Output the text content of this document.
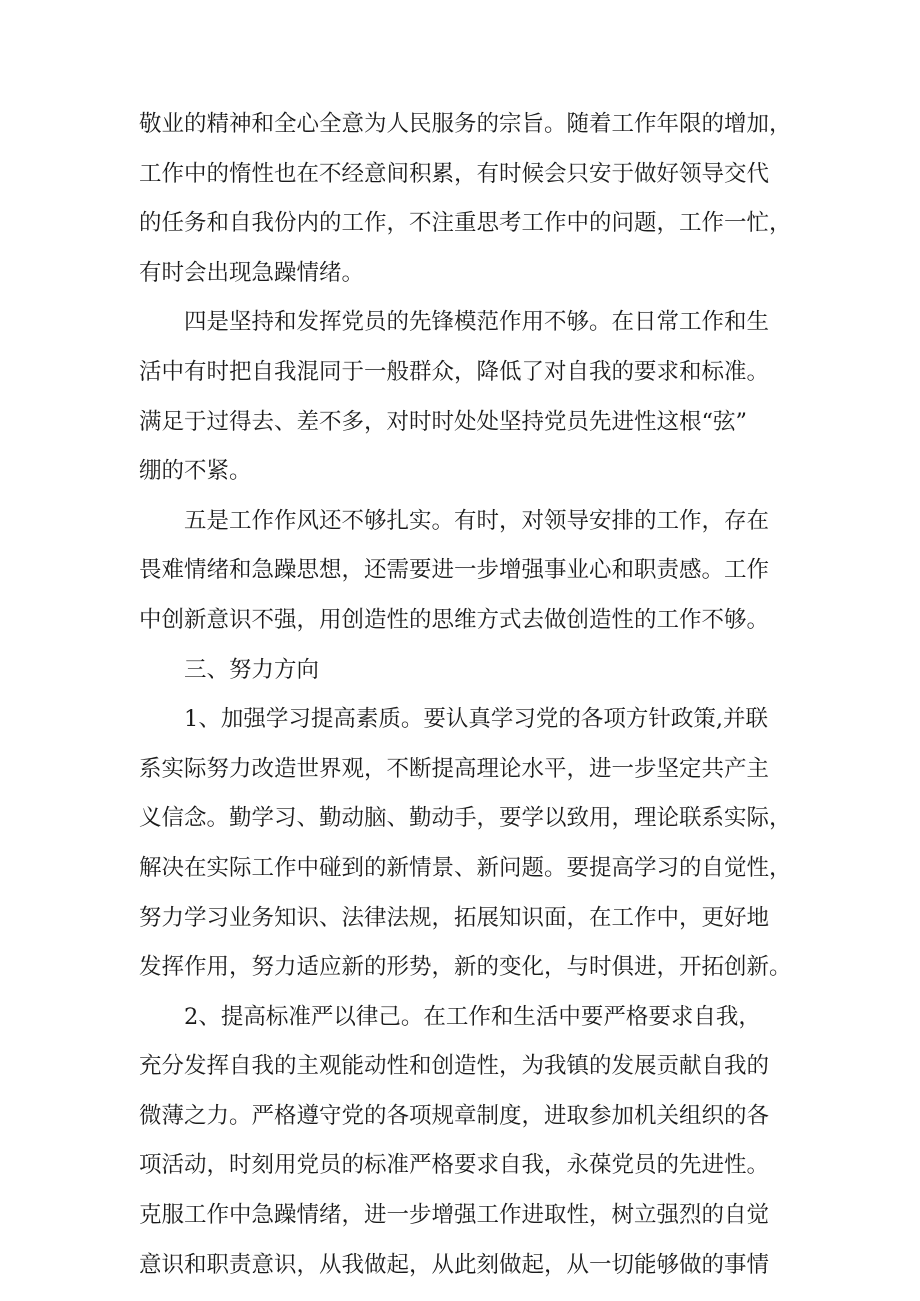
敬业的精神和全心全意为人民服务的宗旨。随着工作年限的增加，
工作中的惰性也在不经意间积累，有时候会只安于做好领导交代
的任务和自我份内的工作，不注重思考工作中的问题，工作一忙，
有时会出现急躁情绪。
四是坚持和发挥党员的先锋模范作用不够。在日常工作和生
活中有时把自我混同于一般群众，降低了对自我的要求和标准。
满足于过得去、差不多，对时时处处坚持党员先进性这根“弦”
绷的不紧。
五是工作作风还不够扎实。有时，对领导安排的工作，存在
畏难情绪和急躁思想，还需要进一步增强事业心和职责感。工作
中创新意识不强，用创造性的思维方式去做创造性的工作不够。
三、努力方向
1、加强学习提高素质。要认真学习党的各项方针政策,并联
系实际努力改造世界观，不断提高理论水平，进一步坚定共产主
义信念。勤学习、勤动脑、勤动手，要学以致用，理论联系实际，
解决在实际工作中碰到的新情景、新问题。要提高学习的自觉性，
努力学习业务知识、法律法规，拓展知识面，在工作中，更好地
发挥作用，努力适应新的形势，新的变化，与时俱进，开拓创新。
2、提高标准严以律己。在工作和生活中要严格要求自我，
充分发挥自我的主观能动性和创造性，为我镇的发展贡献自我的
微薄之力。严格遵守党的各项规章制度，进取参加机关组织的各
项活动，时刻用党员的标准严格要求自我，永葆党员的先进性。
克服工作中急躁情绪，进一步增强工作进取性，树立强烈的自觉
意识和职责意识，从我做起，从此刻做起，从一切能够做的事情
